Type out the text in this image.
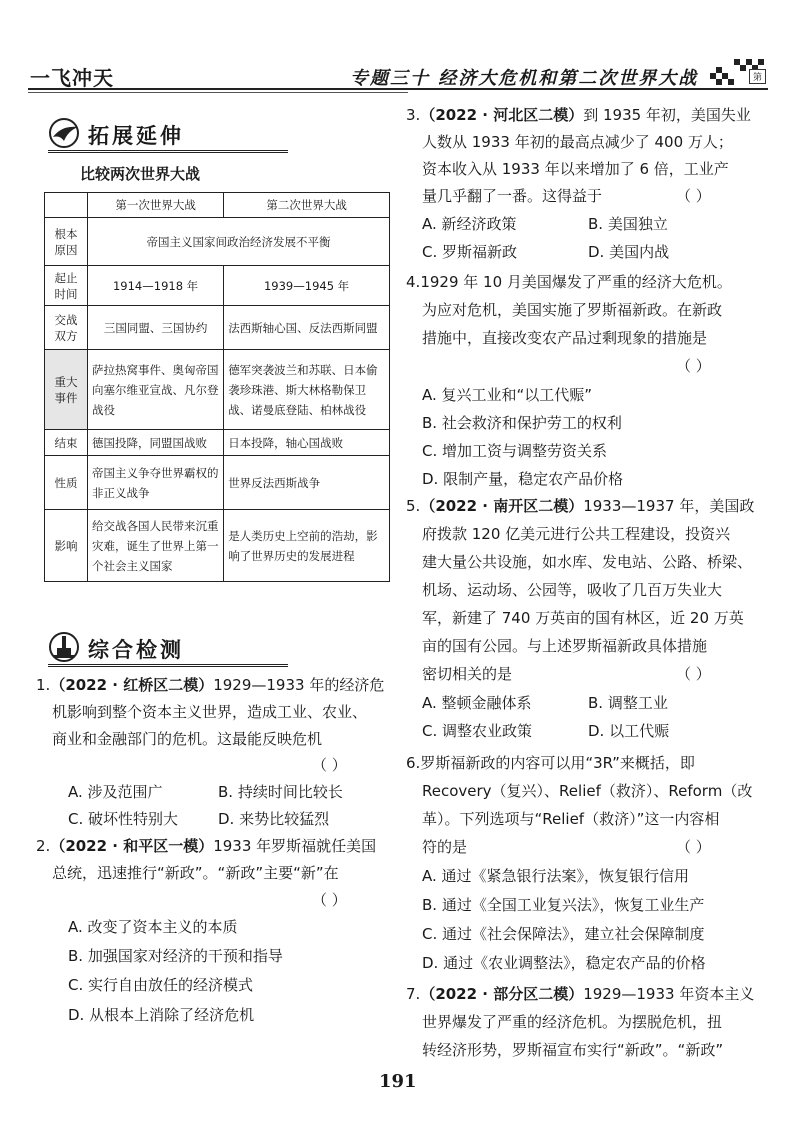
一飞冲天	专题三十 经济大危机和第二次世界大战	第
拓展延伸
比较两次世界大战
	第一次世界大战	第二次世界大战
根本原因	帝国主义国家间政治经济发展不平衡	
起止时间	1914—1918 年	1939—1945 年
交战双方	三国同盟、三国协约	法西斯轴心国、反法西斯同盟
重大事件	萨拉热窝事件、奥匈帝国向塞尔维亚宣战、凡尔登战役	德军突袭波兰和苏联、日本偷袭珍珠港、斯大林格勒保卫战、诺曼底登陆、柏林战役
结束	德国投降，同盟国战败	日本投降，轴心国战败
性质	帝国主义争夺世界霸权的非正义战争	世界反法西斯战争
影响	给交战各国人民带来沉重灾难，诞生了世界上第一个社会主义国家	是人类历史上空前的浩劫，影响了世界历史的发展进程
综合检测
1.（2022 · 红桥区二模）1929—1933 年的经济危
机影响到整个资本主义世界，造成工业、农业、
商业和金融部门的危机。这最能反映危机
（ ）
A. 涉及范围广	B. 持续时间比较长
C. 破坏性特别大	D. 来势比较猛烈
2.（2022 · 和平区一模）1933 年罗斯福就任美国
总统，迅速推行“新政”。“新政”主要“新”在
（ ）
A. 改变了资本主义的本质
B. 加强国家对经济的干预和指导
C. 实行自由放任的经济模式
D. 从根本上消除了经济危机
3.（2022 · 河北区二模）到 1935 年初，美国失业
人数从 1933 年初的最高点减少了 400 万人；
资本收入从 1933 年以来增加了 6 倍，工业产
量几乎翻了一番。这得益于	（ ）
A. 新经济政策	B. 美国独立
C. 罗斯福新政	D. 美国内战
4.1929 年 10 月美国爆发了严重的经济大危机。
为应对危机，美国实施了罗斯福新政。在新政
措施中，直接改变农产品过剩现象的措施是
（ ）
A. 复兴工业和“以工代赈”
B. 社会救济和保护劳工的权利
C. 增加工资与调整劳资关系
D. 限制产量，稳定农产品价格
5.（2022 · 南开区二模）1933—1937 年，美国政
府拨款 120 亿美元进行公共工程建设，投资兴
建大量公共设施，如水库、发电站、公路、桥梁、
机场、运动场、公园等，吸收了几百万失业大
军，新建了 740 万英亩的国有林区，近 20 万英
亩的国有公园。与上述罗斯福新政具体措施
密切相关的是	（ ）
A. 整顿金融体系	B. 调整工业
C. 调整农业政策	D. 以工代赈
6.罗斯福新政的内容可以用“3R”来概括，即
Recovery（复兴）、Relief（救济）、Reform（改
革）。下列选项与“Relief（救济）”这一内容相
符的是	（ ）
A. 通过《紧急银行法案》，恢复银行信用
B. 通过《全国工业复兴法》，恢复工业生产
C. 通过《社会保障法》，建立社会保障制度
D. 通过《农业调整法》，稳定农产品的价格
7.（2022 · 部分区二模）1929—1933 年资本主义
世界爆发了严重的经济危机。为摆脱危机，扭
转经济形势，罗斯福宣布实行“新政”。“新政”
191
